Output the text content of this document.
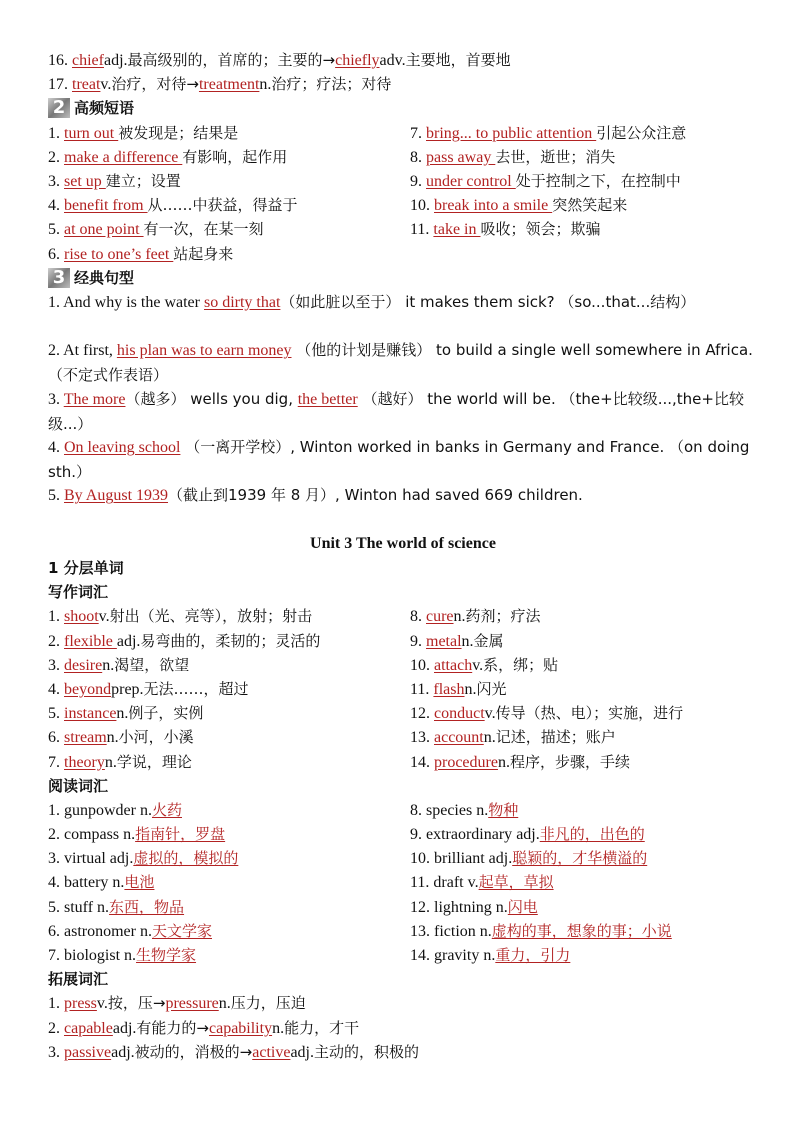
16. chiefadj.最高级别的，首席的；主要的→chieflyadv.主要地，首要地
17. treatv.治疗，对待→treatmentn.治疗；疗法；对待
2 高频短语
1. turn out 被发现是；结果是
2. make a difference 有影响，起作用
3. set up 建立；设置
4. benefit from 从……中获益，得益于
5. at one point 有一次，在某一刻
6. rise to one’s feet 站起身来
7. bring... to public attention 引起公众注意
8. pass away 去世，逝世；消失
9. under control 处于控制之下，在控制中
10. break into a smile 突然笑起来
11. take in 吸收；领会；欺骗
3 经典句型
1. And why is the water so dirty that（如此脏以至于） it makes them sick? （so...that...结构）
2. At first, his plan was to earn money （他的计划是赚钱） to build a single well somewhere in Africa. （不定式作表语）
3. The more（越多） wells you dig, the better （越好） the world will be. （the+比较级...,the+比较级...）
4. On leaving school （一离开学校）, Winton worked in banks in Germany and France. （on doing sth.）
5. By August 1939（截止到1939 年 8 月）, Winton had saved 669 children.
Unit 3 The world of science
1 分层单词
写作词汇
1. shootv.射出（光、亮等），放射；射击
2. flexible adj.易弯曲的，柔韧的；灵活的
3. desiren.渴望，欲望
4. beyondprep.无法……，超过
5. instancen.例子，实例
6. streamn.小河，小溪
7. theoryn.学说，理论
8. curen.药剂；疗法
9. metaln.金属
10. attachv.系，绑；贴
11. flashn.闪光
12. conductv.传导（热、电）；实施，进行
13. accountn.记述，描述；账户
14. proceduren.程序，步骤，手续
阅读词汇
1. gunpowder n.火药
2. compass n.指南针，罗盘
3. virtual adj.虚拟的，模拟的
4. battery n.电池
5. stuff n.东西，物品
6. astronomer n.天文学家
7. biologist n.生物学家
8. species n.物种
9. extraordinary adj.非凡的，出色的
10. brilliant adj.聪颖的，才华横溢的
11. draft v.起草，草拟
12. lightning n.闪电
13. fiction n.虚构的事，想象的事；小说
14. gravity n.重力，引力
拓展词汇
1. pressv.按，压→pressuren.压力，压迫
2. capableadj.有能力的→capabilityn.能力，才干
3. passiveadj.被动的，消极的→activeadj.主动的，积极的
